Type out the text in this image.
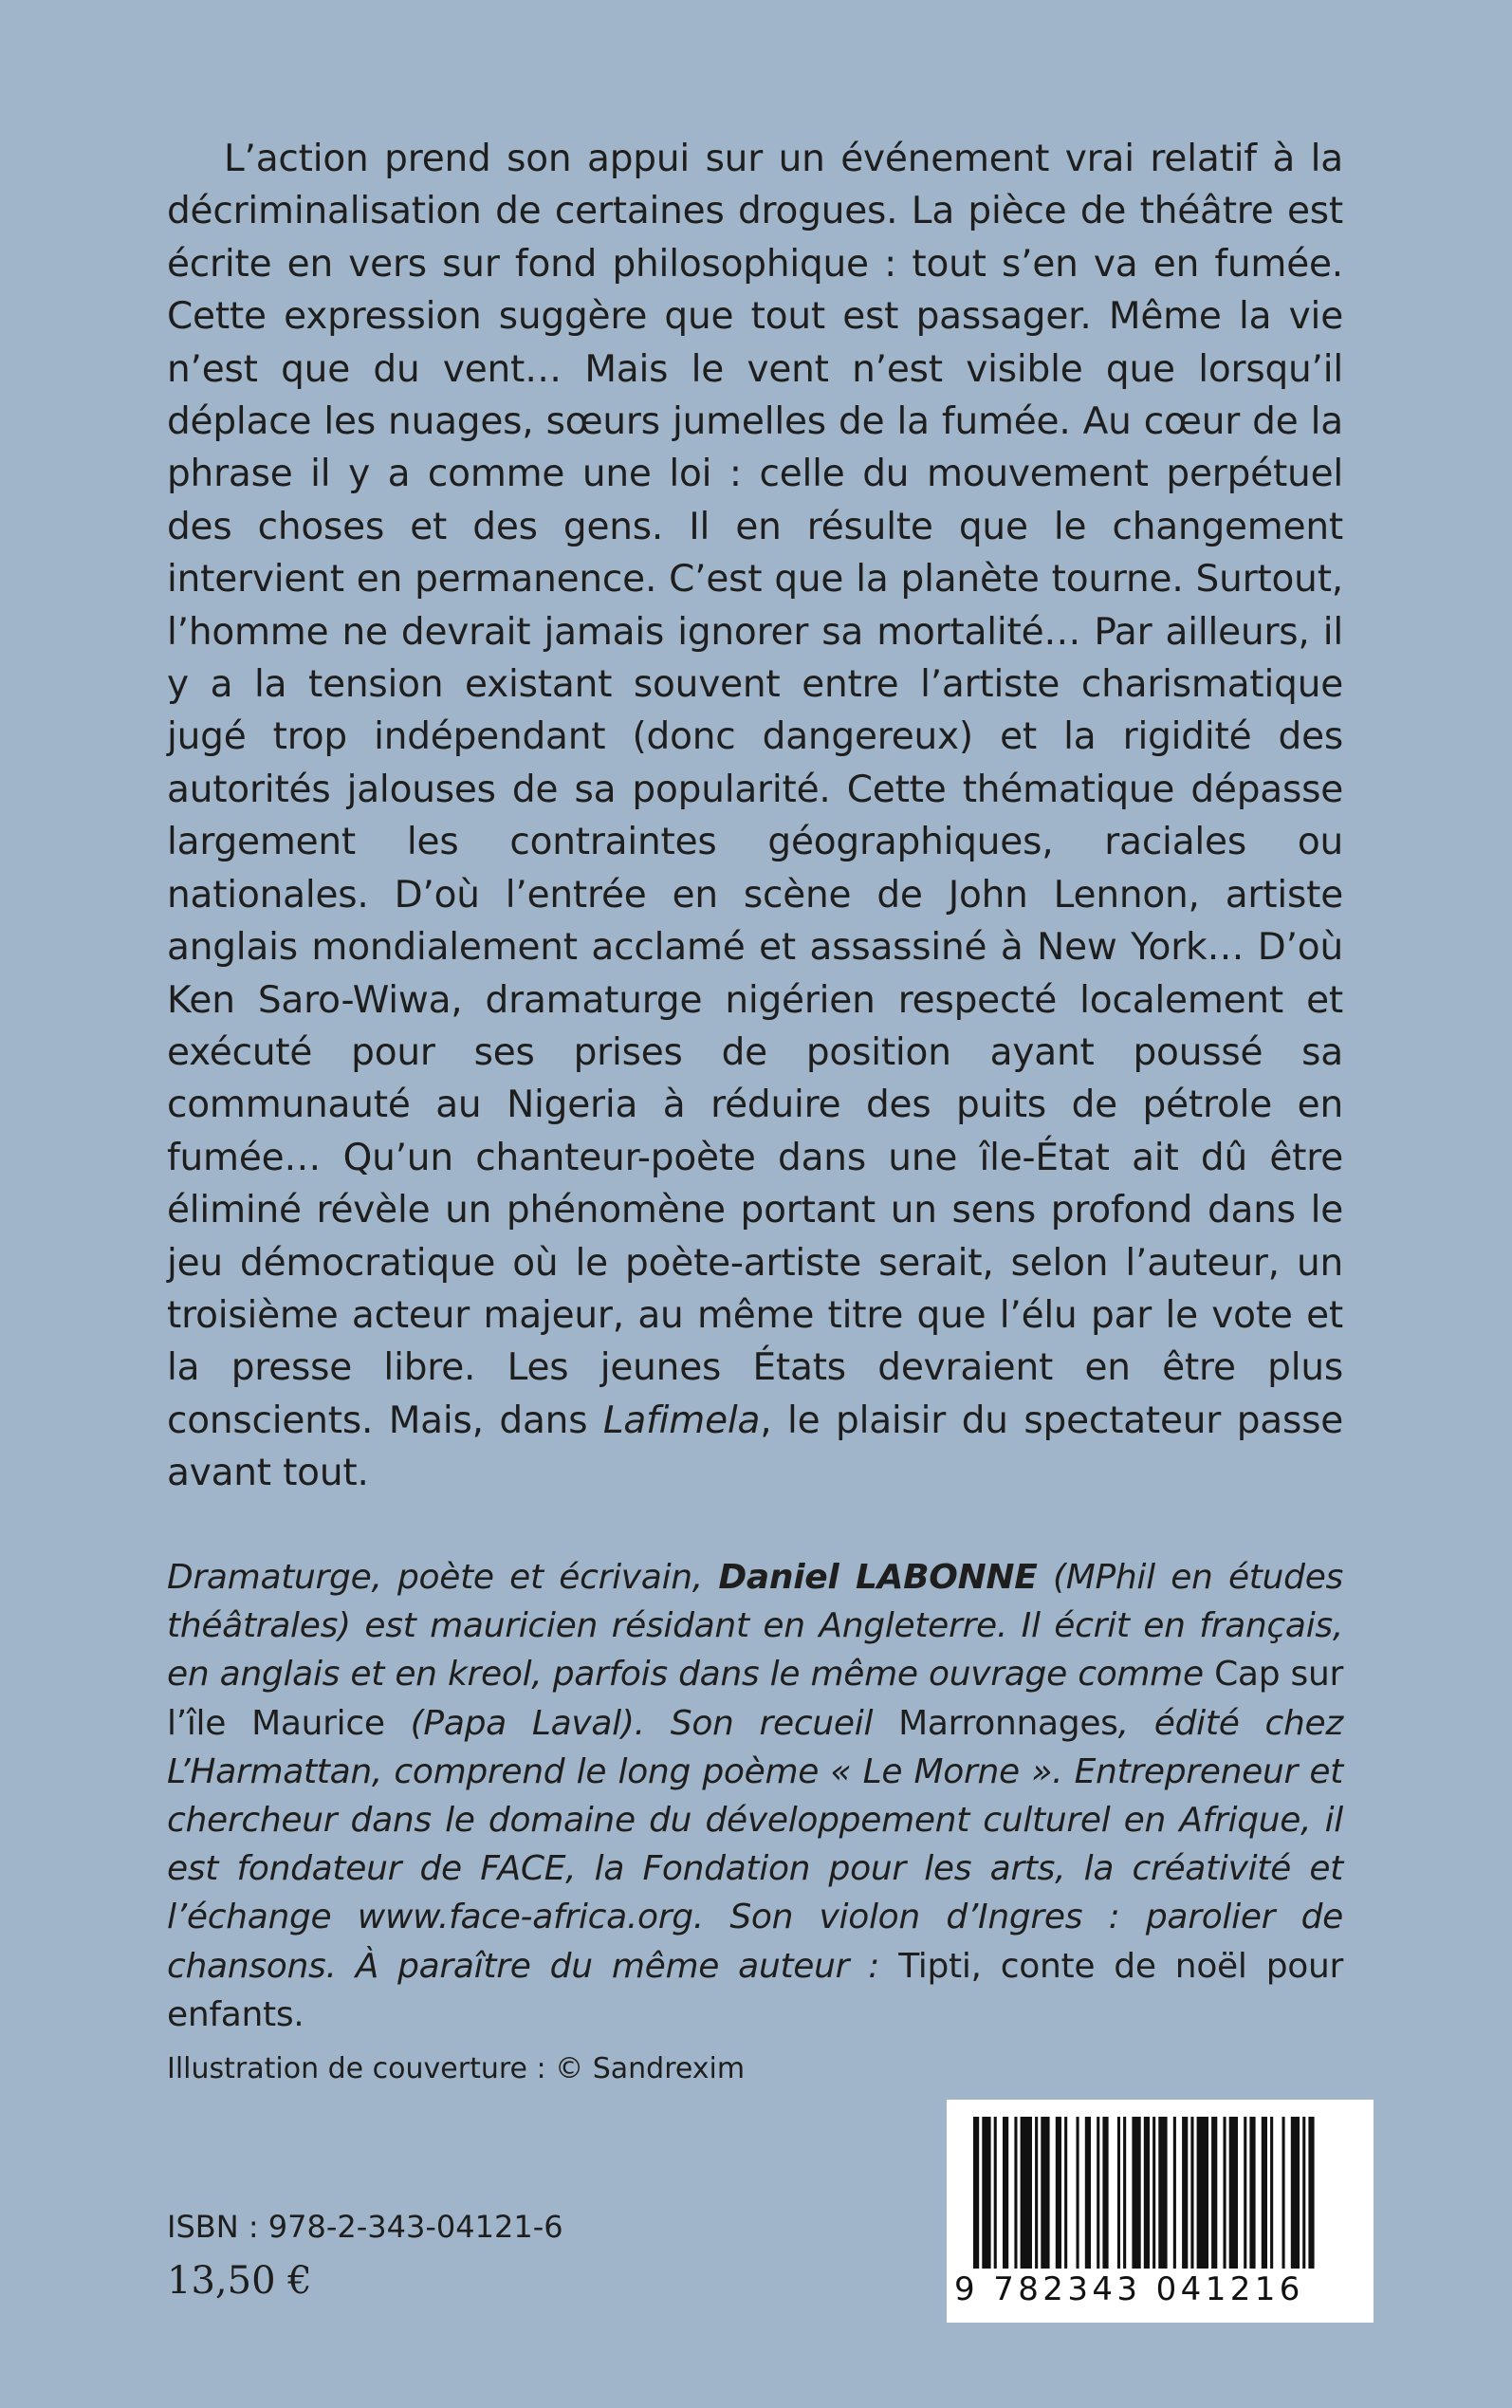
L’action prend son appui sur un événement vrai relatif à la décriminalisation de certaines drogues. La pièce de théâtre est écrite en vers sur fond philosophique : tout s’en va en fumée. Cette expression suggère que tout est passager. Même la vie n’est que du vent… Mais le vent n’est visible que lorsqu’il déplace les nuages, sœurs jumelles de la fumée. Au cœur de la phrase il y a comme une loi : celle du mouvement perpétuel des choses et des gens. Il en résulte que le changement intervient en permanence. C’est que la planète tourne. Surtout, l’homme ne devrait jamais ignorer sa mortalité… Par ailleurs, il y a la tension existant souvent entre l’artiste charismatique jugé trop indépendant (donc dangereux) et la rigidité des autorités jalouses de sa popularité. Cette thématique dépasse largement les contraintes géographiques, raciales ou nationales. D’où l’entrée en scène de John Lennon, artiste anglais mondialement acclamé et assassiné à New York… D’où Ken Saro-Wiwa, dramaturge nigérien respecté localement et exécuté pour ses prises de position ayant poussé sa communauté au Nigeria à réduire des puits de pétrole en fumée… Qu’un chanteur-poète dans une île-État ait dû être éliminé révèle un phénomène portant un sens profond dans le jeu démocratique où le poète-artiste serait, selon l’auteur, un troisième acteur majeur, au même titre que l’élu par le vote et la presse libre. Les jeunes États devraient en être plus conscients. Mais, dans Lafimela, le plaisir du spectateur passe avant tout.

Dramaturge, poète et écrivain, Daniel LABONNE (MPhil en études théâtrales) est mauricien résidant en Angleterre. Il écrit en français, en anglais et en kreol, parfois dans le même ouvrage comme Cap sur l’île Maurice (Papa Laval). Son recueil Marronnages, édité chez L’Harmattan, comprend le long poème « Le Morne ». Entrepreneur et chercheur dans le domaine du développement culturel en Afrique, il est fondateur de FACE, la Fondation pour les arts, la créativité et l’échange www.face-africa.org. Son violon d’Ingres : parolier de chansons. À paraître du même auteur : Tipti, conte de noël pour enfants.

Illustration de couverture : © Sandrexim
ISBN : 978-2-343-04121-6
13,50 €	9 782343 041216
